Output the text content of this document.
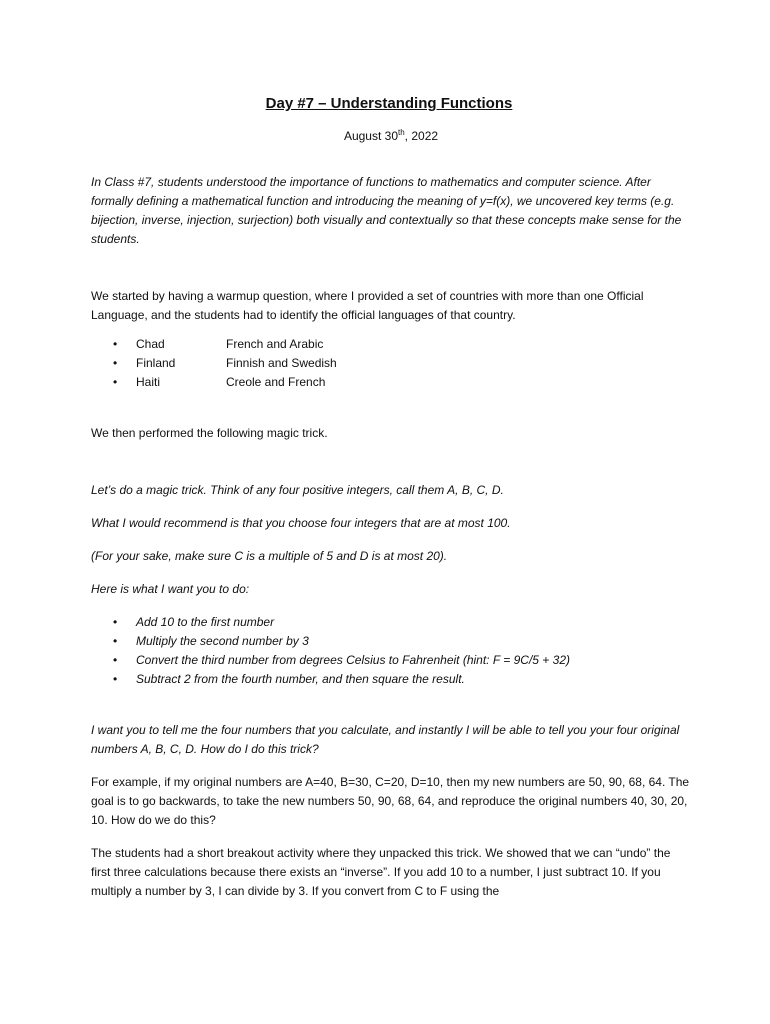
Day #7 – Understanding Functions
August 30th, 2022

In Class #7, students understood the importance of functions to mathematics and computer science. After formally defining a mathematical function and introducing the meaning of y=f(x), we uncovered key terms (e.g. bijection, inverse, injection, surjection) both visually and contextually so that these concepts make sense for the students.

We started by having a warmup question, where I provided a set of countries with more than one Official Language, and the students had to identify the official languages of that country.

• Chad	French and Arabic
• Finland	Finnish and Swedish
• Haiti	Creole and French

We then performed the following magic trick.

Let’s do a magic trick. Think of any four positive integers, call them A, B, C, D.

What I would recommend is that you choose four integers that are at most 100.

(For your sake, make sure C is a multiple of 5 and D is at most 20).

Here is what I want you to do:

• Add 10 to the first number
• Multiply the second number by 3
• Convert the third number from degrees Celsius to Fahrenheit (hint: F = 9C/5 + 32)
• Subtract 2 from the fourth number, and then square the result.

I want you to tell me the four numbers that you calculate, and instantly I will be able to tell you your four original numbers A, B, C, D. How do I do this trick?

For example, if my original numbers are A=40, B=30, C=20, D=10, then my new numbers are 50, 90, 68, 64. The goal is to go backwards, to take the new numbers 50, 90, 68, 64, and reproduce the original numbers 40, 30, 20, 10. How do we do this?

The students had a short breakout activity where they unpacked this trick. We showed that we can “undo” the first three calculations because there exists an “inverse”. If you add 10 to a number, I just subtract 10. If you multiply a number by 3, I can divide by 3. If you convert from C to F using the
